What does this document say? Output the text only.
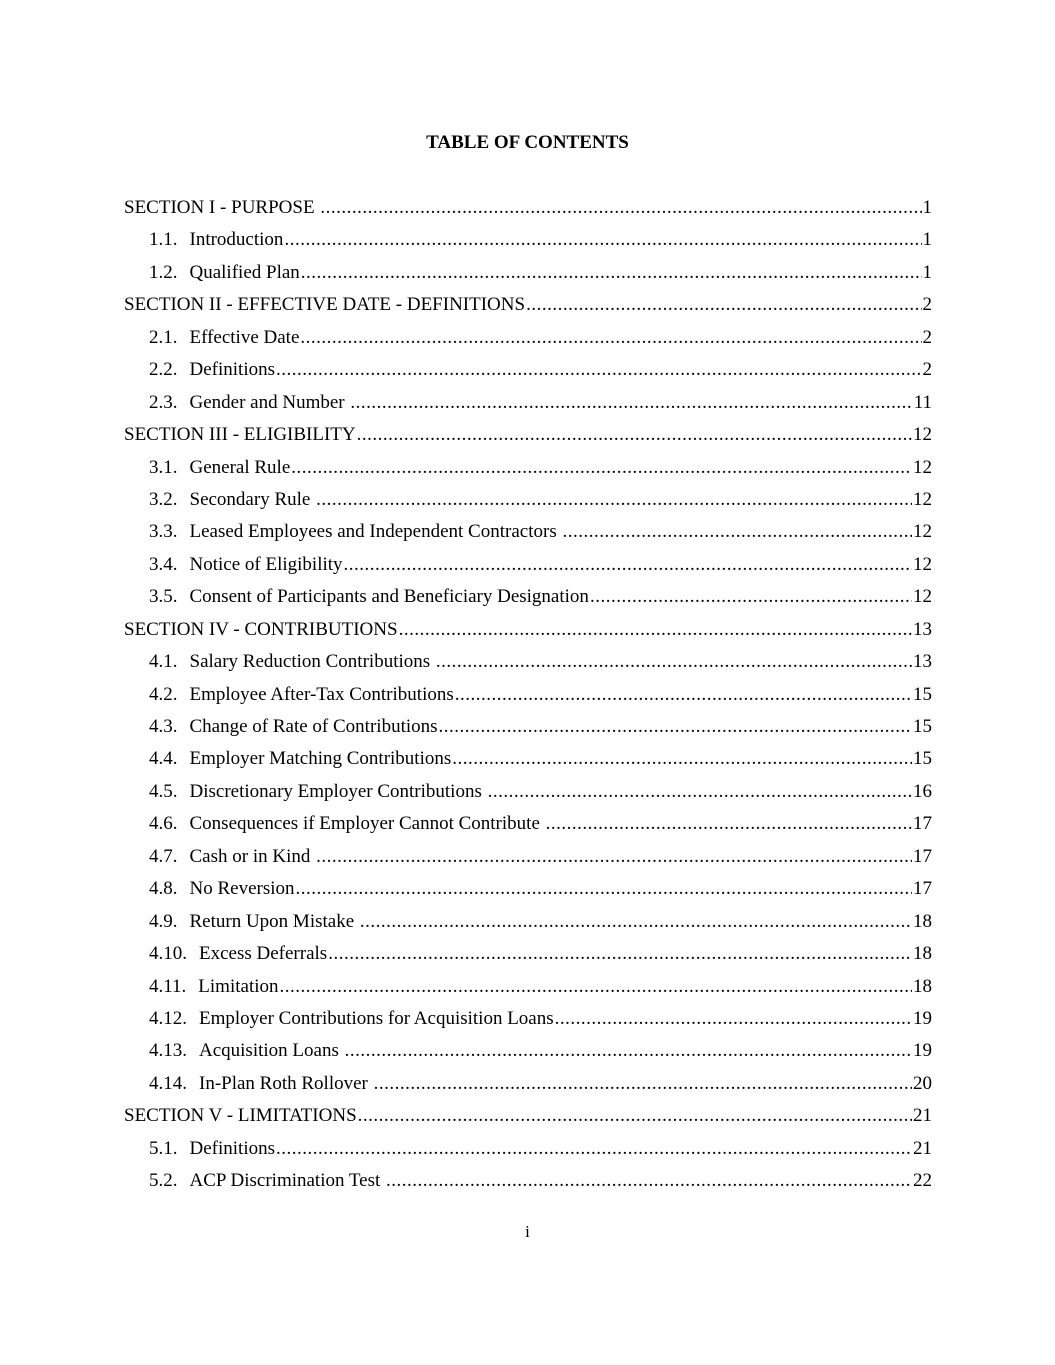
TABLE OF CONTENTS
SECTION I - PURPOSE .....	1
1.1. Introduction .....	1
1.2. Qualified Plan .....	1
SECTION II - EFFECTIVE DATE - DEFINITIONS .....	2
2.1. Effective Date .....	2
2.2. Definitions .....	2
2.3. Gender and Number .....	11
SECTION III - ELIGIBILITY .....	12
3.1. General Rule .....	12
3.2. Secondary Rule .....	12
3.3. Leased Employees and Independent Contractors .....	12
3.4. Notice of Eligibility .....	12
3.5. Consent of Participants and Beneficiary Designation .....	12
SECTION IV - CONTRIBUTIONS .....	13
4.1. Salary Reduction Contributions .....	13
4.2. Employee After-Tax Contributions .....	15
4.3. Change of Rate of Contributions .....	15
4.4. Employer Matching Contributions .....	15
4.5. Discretionary Employer Contributions .....	16
4.6. Consequences if Employer Cannot Contribute .....	17
4.7. Cash or in Kind .....	17
4.8. No Reversion .....	17
4.9. Return Upon Mistake .....	18
4.10. Excess Deferrals .....	18
4.11. Limitation .....	18
4.12. Employer Contributions for Acquisition Loans .....	19
4.13. Acquisition Loans .....	19
4.14. In-Plan Roth Rollover .....	20
SECTION V - LIMITATIONS .....	21
5.1. Definitions .....	21
5.2. ACP Discrimination Test .....	22
i
